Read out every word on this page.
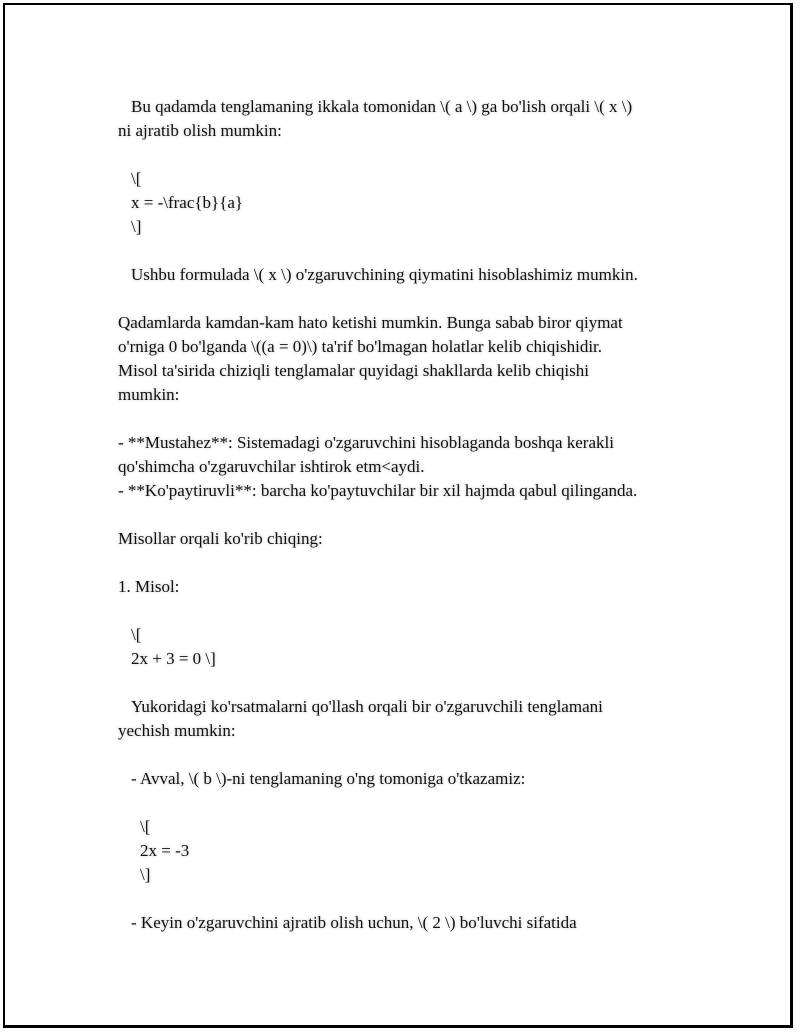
Bu qadamda tenglamaning ikkala tomonidan \( a \) ga bo'lish orqali \( x \)
ni ajratib olish mumkin:
\[
x = -\frac{b}{a}
\]
Ushbu formulada \( x \) o'zgaruvchining qiymatini hisoblashimiz mumkin.
Qadamlarda kamdan-kam hato ketishi mumkin. Bunga sabab biror qiymat
o'rniga 0 bo'lganda \((a = 0)\) ta'rif bo'lmagan holatlar kelib chiqishidir.
Misol ta'sirida chiziqli tenglamalar quyidagi shakllarda kelib chiqishi
mumkin:
- **Mustahez**: Sistemadagi o'zgaruvchini hisoblaganda boshqa kerakli
qo'shimcha o'zgaruvchilar ishtirok etm<aydi.
- **Ko'paytiruvli**: barcha ko'paytuvchilar bir xil hajmda qabul qilinganda.
Misollar orqali ko'rib chiqing:
1. Misol:
\[
2x + 3 = 0 \]
Yukoridagi ko'rsatmalarni qo'llash orqali bir o'zgaruvchili tenglamani
yechish mumkin:
- Avval, \( b \)-ni tenglamaning o'ng tomoniga o'tkazamiz:
\[
2x = -3
\]
- Keyin o'zgaruvchini ajratib olish uchun, \( 2 \) bo'luvchi sifatida
